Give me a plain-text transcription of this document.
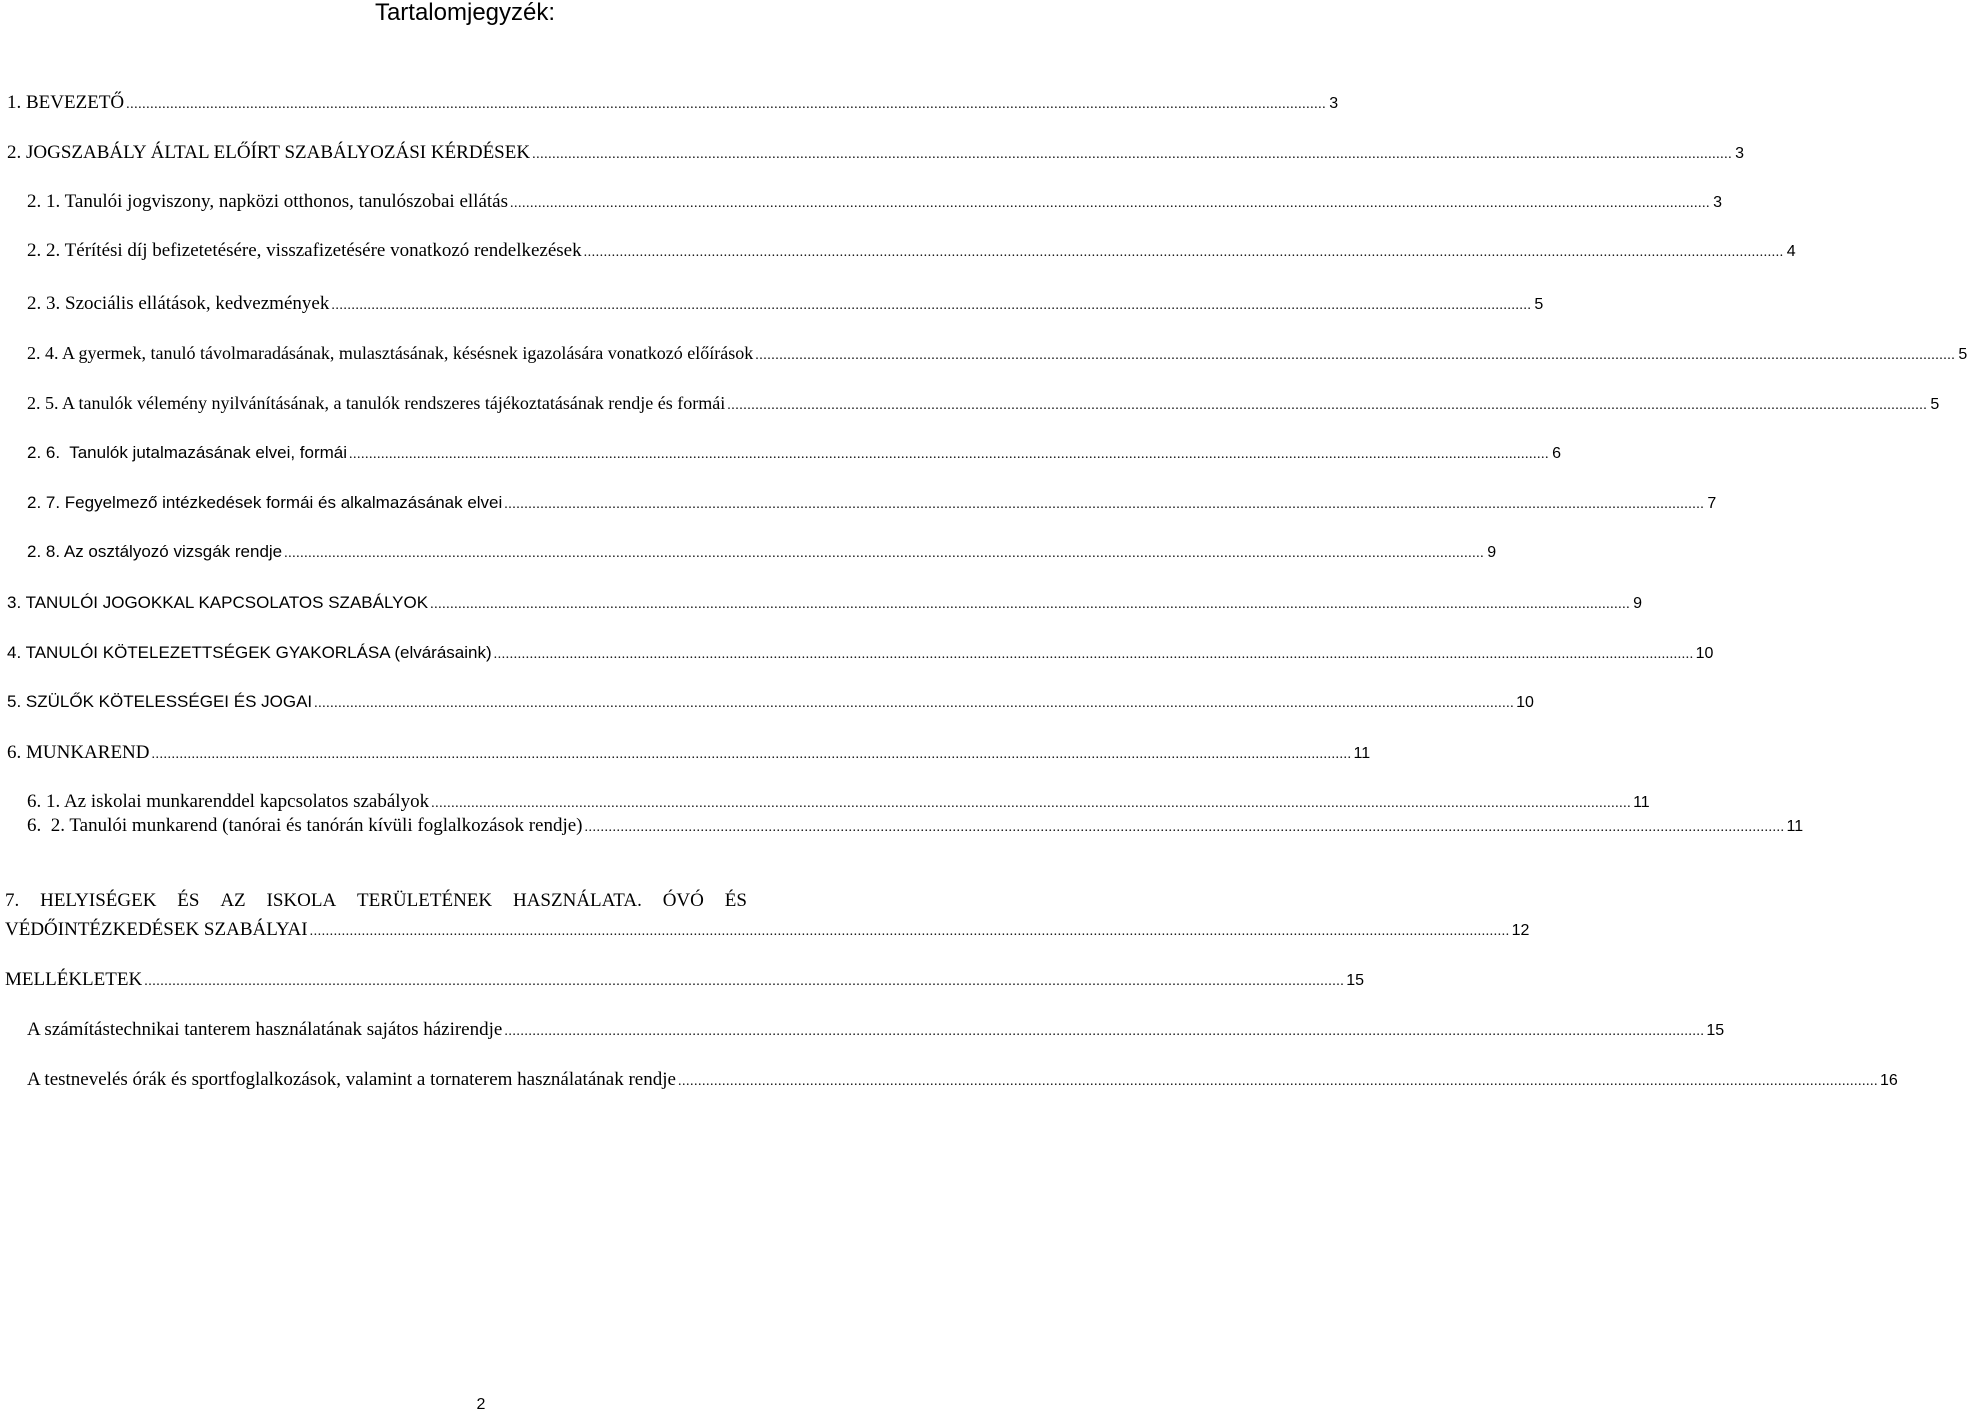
Tartalomjegyzék:
1. BEVEZETŐ ............................................................................................................................................................................................................................................................................................................ 3
2. JOGSZABÁLY ÁLTAL ELŐÍRT SZABÁLYOZÁSI KÉRDÉSEK ............................................................................................................................................................................................................................................................................................................ 3
2. 1. Tanulói jogviszony, napközi otthonos, tanulószobai ellátás ............................................................................................................................................................................................................................................................................................................ 3
2. 2. Térítési díj befizetetésére, visszafizetésére vonatkozó rendelkezések ............................................................................................................................................................................................................................................................................................................ 4
2. 3. Szociális ellátások, kedvezmények ............................................................................................................................................................................................................................................................................................................ 5
2. 4. A gyermek, tanuló távolmaradásának, mulasztásának, késésnek igazolására vonatkozó előírások ............................................................................................................................................................................................................................................................................................................ 5
2. 5. A tanulók vélemény nyilvánításának, a tanulók rendszeres tájékoztatásának rendje és formái ............................................................................................................................................................................................................................................................................................................ 5
2. 6.  Tanulók jutalmazásának elvei, formái ............................................................................................................................................................................................................................................................................................................ 6
2. 7. Fegyelmező intézkedések formái és alkalmazásának elvei ............................................................................................................................................................................................................................................................................................................ 7
2. 8. Az osztályozó vizsgák rendje ............................................................................................................................................................................................................................................................................................................ 9
3. TANULÓI JOGOKKAL KAPCSOLATOS SZABÁLYOK ............................................................................................................................................................................................................................................................................................................ 9
4. TANULÓI KÖTELEZETTSÉGEK GYAKORLÁSA (elvárásaink) ............................................................................................................................................................................................................................................................................................................ 10
5. SZÜLŐK KÖTELESSÉGEI ÉS JOGAI ............................................................................................................................................................................................................................................................................................................ 10
6. MUNKAREND ............................................................................................................................................................................................................................................................................................................ 11
6. 1. Az iskolai munkarenddel kapcsolatos szabályok ............................................................................................................................................................................................................................................................................................................ 11
6.  2. Tanulói munkarend (tanórai és tanórán kívüli foglalkozások rendje) ............................................................................................................................................................................................................................................................................................................ 11
7. HELYISÉGEK ÉS AZ ISKOLA TERÜLETÉNEK HASZNÁLATA. ÓVÓ ÉS
VÉDŐINTÉZKEDÉSEK SZABÁLYAI ............................................................................................................................................................................................................................................................................................................ 12
MELLÉKLETEK ............................................................................................................................................................................................................................................................................................................ 15
A számítástechnikai tanterem használatának sajátos házirendje ............................................................................................................................................................................................................................................................................................................ 15
A testnevelés órák és sportfoglalkozások, valamint a tornaterem használatának rendje ............................................................................................................................................................................................................................................................................................................ 16
2
